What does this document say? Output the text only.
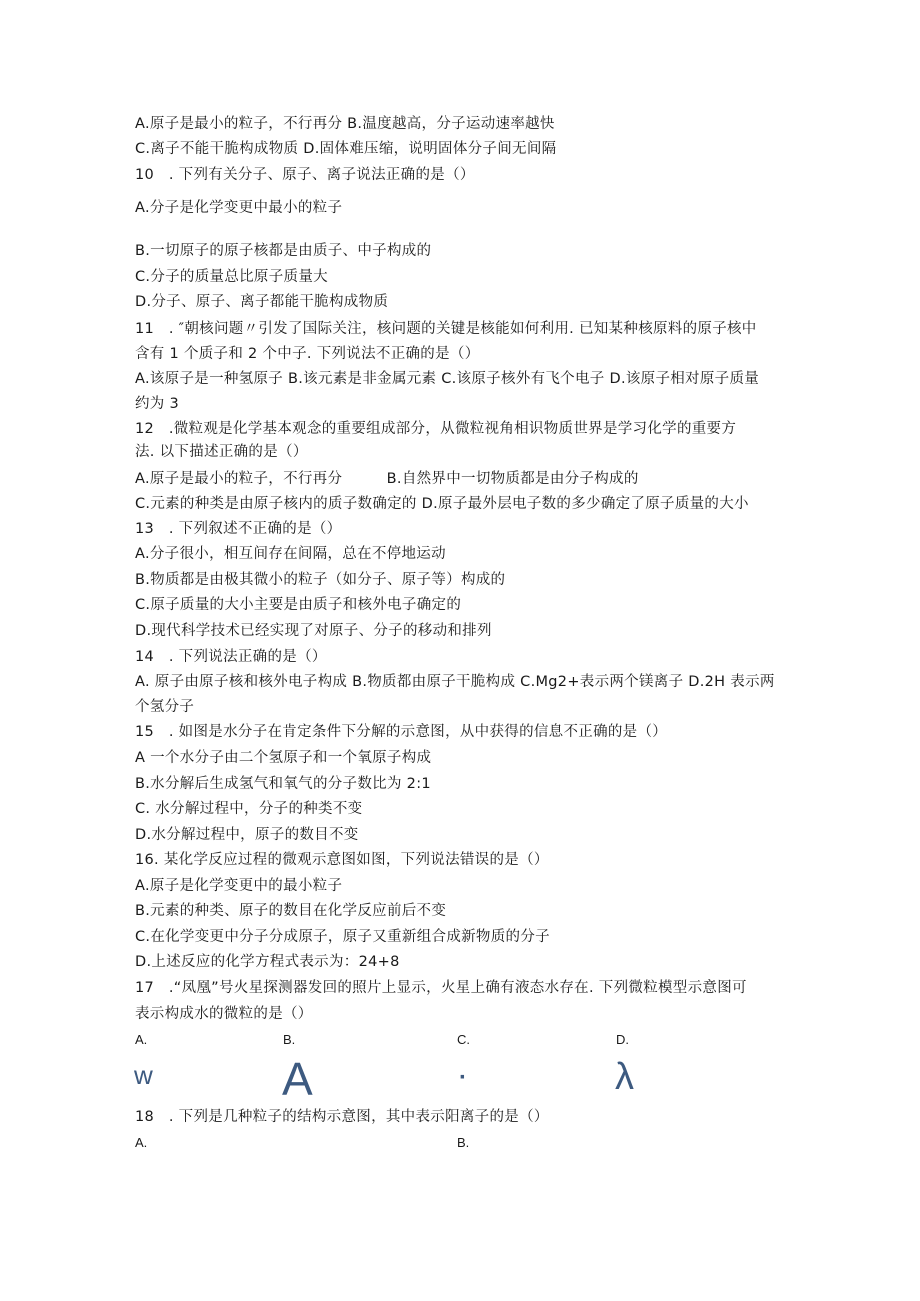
A.原子是最小的粒子，不行再分 B.温度越高，分子运动速率越快
C.离子不能干脆构成物质 D.固体难压缩，说明固体分子间无间隔
10　. 下列有关分子、原子、离子说法正确的是（）
A.分子是化学变更中最小的粒子
B.一切原子的原子核都是由质子、中子构成的
C.分子的质量总比原子质量大
D.分子、原子、离子都能干脆构成物质
11　. ″朝核问题〃引发了国际关注，核问题的关键是核能如何利用. 已知某种核原料的原子核中
含有 1 个质子和 2 个中子. 下列说法不正确的是（）
A.该原子是一种氢原子 B.该元素是非金属元素 C.该原子核外有飞个电子 D.该原子相对原子质量
约为 3
12　.微粒观是化学基本观念的重要组成部分，从微粒视角相识物质世界是学习化学的重要方
法. 以下描述正确的是（）
A.原子是最小的粒子，不行再分　　　B.自然界中一切物质都是由分子构成的
C.元素的种类是由原子核内的质子数确定的 D.原子最外层电子数的多少确定了原子质量的大小
13　. 下列叙述不正确的是（）
A.分子很小，相互间存在间隔，总在不停地运动
B.物质都是由极其微小的粒子（如分子、原子等）构成的
C.原子质量的大小主要是由质子和核外电子确定的
D.现代科学技术已经实现了对原子、分子的移动和排列
14　. 下列说法正确的是（）
A. 原子由原子核和核外电子构成 B.物质都由原子干脆构成 C.Mg2+表示两个镁离子 D.2H 表示两
个氢分子
15　. 如图是水分子在肯定条件下分解的示意图，从中获得的信息不正确的是（）
A 一个水分子由二个氢原子和一个氧原子构成
B.水分解后生成氢气和氧气的分子数比为 2:1
C. 水分解过程中，分子的种类不变
D.水分解过程中，原子的数目不变
16. 某化学反应过程的微观示意图如图，下列说法错误的是（）
A.原子是化学变更中的最小粒子
B.元素的种类、原子的数目在化学反应前后不变
C.在化学变更中分子分成原子，原子又重新组合成新物质的分子
D.上述反应的化学方程式表示为：24+8
17　.“凤凰”号火星探测器发回的照片上显示，火星上确有液态水存在. 下列微粒模型示意图可
表示构成水的微粒的是（）
A.	B.	C.	D.
w	A	·	λ
18　. 下列是几种粒子的结构示意图，其中表示阳离子的是（）
A.	B.
